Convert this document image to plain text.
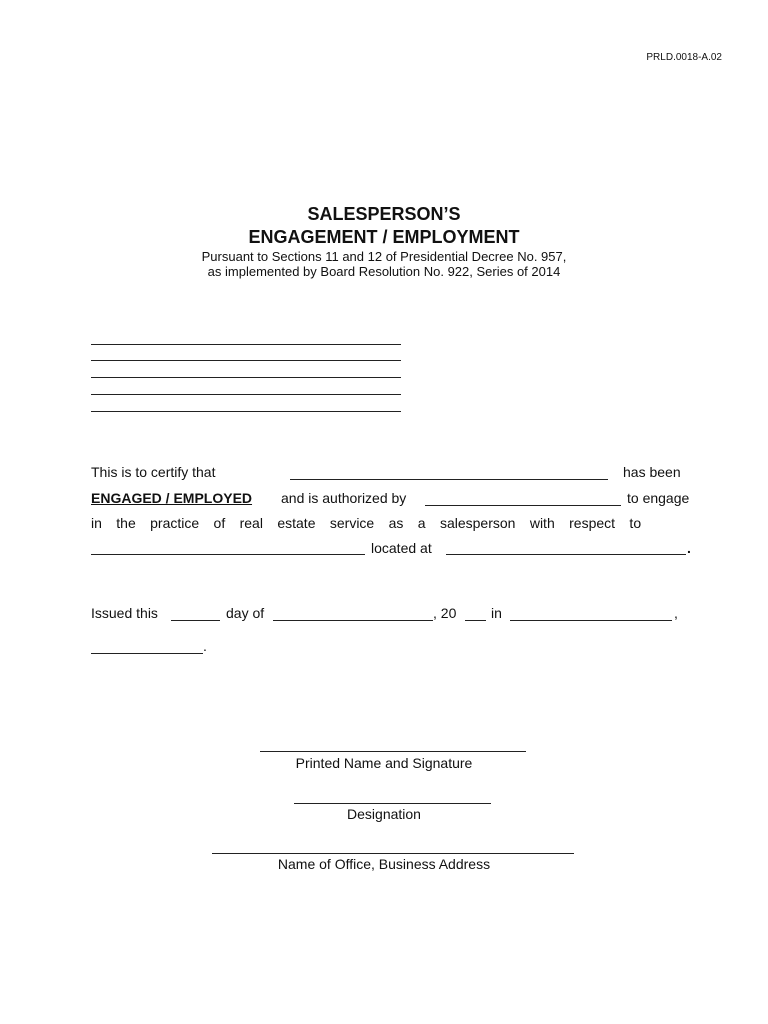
PRLD.0018-A.02
SALESPERSON’S
ENGAGEMENT / EMPLOYMENT
Pursuant to Sections 11 and 12 of Presidential Decree No. 957,
as implemented by Board Resolution No. 922, Series of 2014
This is to certify that	has been
ENGAGED / EMPLOYED and is authorized by	to engage
in the practice of real estate service as a salesperson with respect to
located at	.
Issued this	day of	, 20 in	,
.
Printed Name and Signature
Designation
Name of Office, Business Address
